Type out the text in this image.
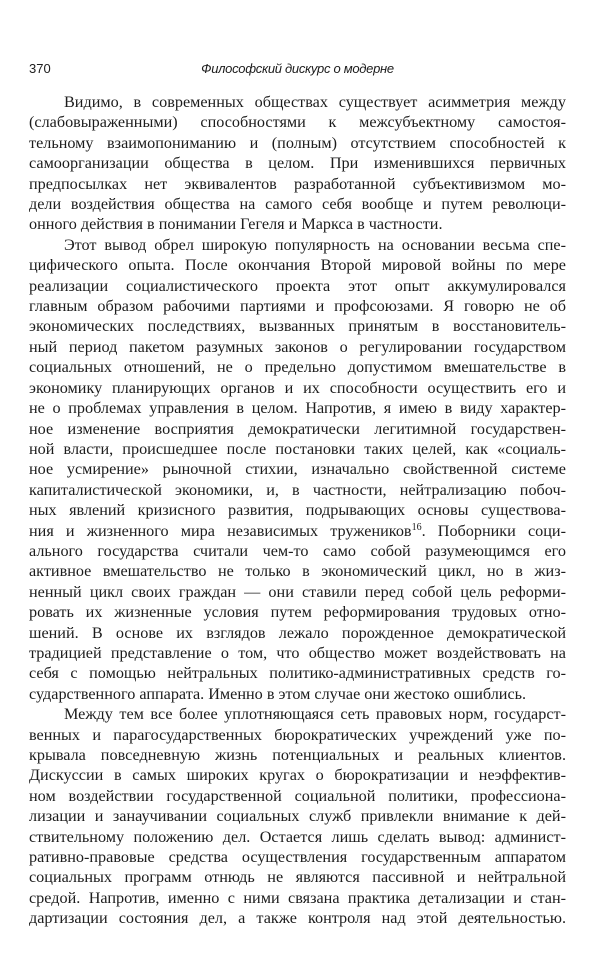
370	Философский дискурс о модерне

Видимо, в современных обществах существует асимметрия между
(слабовыраженными) способностями к межсубъектному самостоя-
тельному взаимопониманию и (полным) отсутствием способностей к
самоорганизации общества в целом. При изменившихся первичных
предпосылках нет эквивалентов разработанной субъективизмом мо-
дели воздействия общества на самого себя вообще и путем революци-
онного действия в понимании Гегеля и Маркса в частности.

Этот вывод обрел широкую популярность на основании весьма спе-
цифического опыта. После окончания Второй мировой войны по мере
реализации социалистического проекта этот опыт аккумулировался
главным образом рабочими партиями и профсоюзами. Я говорю не об
экономических последствиях, вызванных принятым в восстановитель-
ный период пакетом разумных законов о регулировании государством
социальных отношений, не о предельно допустимом вмешательстве в
экономику планирующих органов и их способности осуществить его и
не о проблемах управления в целом. Напротив, я имею в виду характер-
ное изменение восприятия демократически легитимной государствен-
ной власти, происшедшее после постановки таких целей, как «социаль-
ное усмирение» рыночной стихии, изначально свойственной системе
капиталистической экономики, и, в частности, нейтрализацию побоч-
ных явлений кризисного развития, подрывающих основы существова-
ния и жизненного мира независимых тружеников$^{16}$. Поборники соци-
ального государства считали чем-то само собой разумеющимся его
активное вмешательство не только в экономический цикл, но в жиз-
ненный цикл своих граждан — они ставили перед собой цель реформи-
ровать их жизненные условия путем реформирования трудовых отно-
шений. В основе их взглядов лежало порожденное демократической
традицией представление о том, что общество может воздействовать на
себя с помощью нейтральных политико-административных средств го-
сударственного аппарата. Именно в этом случае они жестоко ошиблись.

Между тем все более уплотняющаяся сеть правовых норм, государст-
венных и парагосударственных бюрократических учреждений уже по-
крывала повседневную жизнь потенциальных и реальных клиентов.
Дискуссии в самых широких кругах о бюрократизации и неэффектив-
ном воздействии государственной социальной политики, профессиона-
лизации и занаучивании социальных служб привлекли внимание к дей-
ствительному положению дел. Остается лишь сделать вывод: админист-
ративно-правовые средства осуществления государственным аппаратом
социальных программ отнюдь не являются пассивной и нейтральной
средой. Напротив, именно с ними связана практика детализации и стан-
дартизации состояния дел, а также контроля над этой деятельностью.
